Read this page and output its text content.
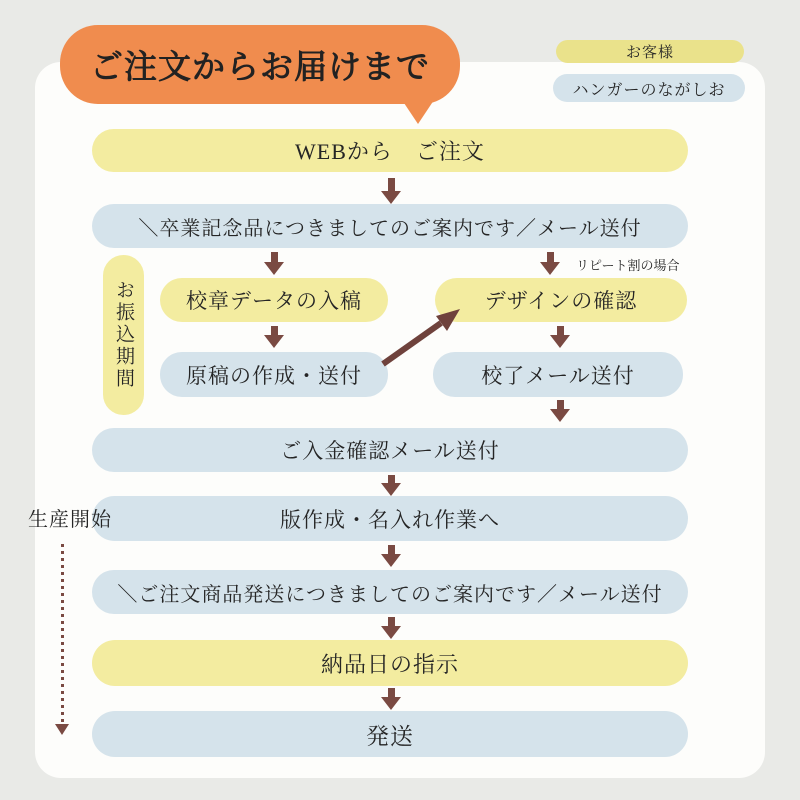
ご注文からお届けまで	お客様
ハンガーのながしお
WEBから　ご注文
＼卒業記念品につきましてのご案内です／メール送付
リピート割の場合
校章データの入稿	デザインの確認
原稿の作成・送付	校了メール送付
お振込期間
ご入金確認メール送付
版作成・名入れ作業へ
生産開始
＼ご注文商品発送につきましてのご案内です／メール送付
納品日の指示
発送
